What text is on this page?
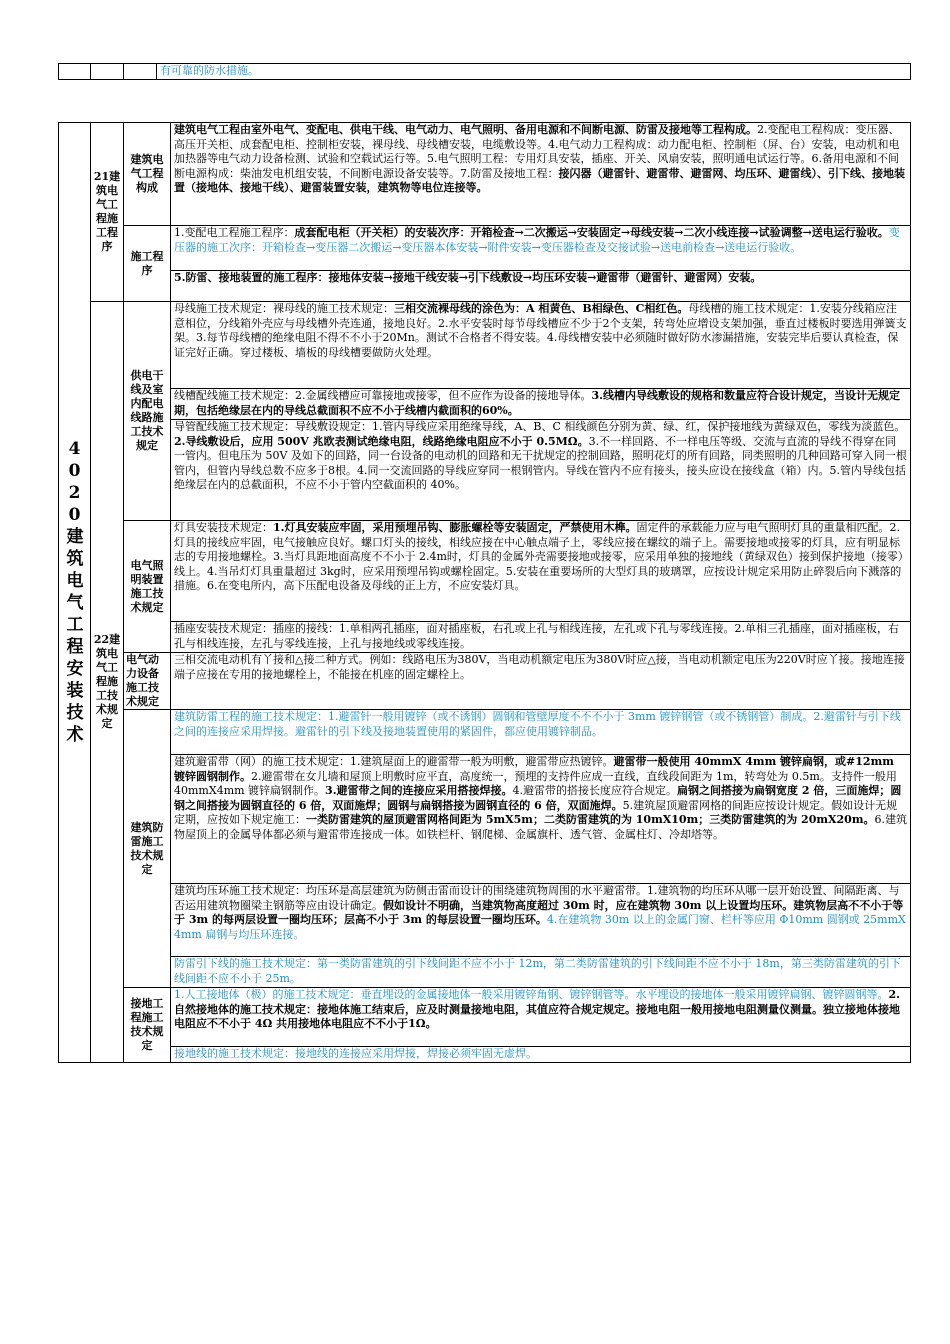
			有可靠的防水措施。
4020建筑电气工程安装技术	21建筑电气工程施工程序	建筑电气工程构成	建筑电气工程由室外电气、变配电、供电干线、电气动力、电气照明、备用电源和不间断电源、防雷及接地等工程构成。2.变配电工程构成：变压器、高压开关柜、成套配电柜、控制柜安装，裸母线、母线槽安装，电缆敷设等。4.电气动力工程构成：动力配电柜、控制柜（屏、台）安装，电动机和电加热器等电气动力设备检测、试验和空载试运行等。5.电气照明工程：专用灯具安装，插座、开关、风扇安装，照明通电试运行等。6.备用电源和不间断电源构成：柴油发电机组安装，不间断电源设备安装等。7.防雷及接地工程：接闪器（避雷针、避雷带、避雷网、均压环、避雷线）、引下线、接地装置（接地体、接地干线）、避雷装置安装，建筑物等电位连接等。

		施工程序	1.变配电工程施工程序：成套配电柜（开关柜）的安装次序：开箱检查→二次搬运→安装固定→母线安装→二次小线连接→试验调整→送电运行验收。变压器的施工次序：开箱检查→变压器二次搬运→变压器本体安装→附件安装→变压器检查及交接试验→送电前检查→送电运行验收。
			5.防雷、接地装置的施工程序：接地体安装→接地干线安装→引下线敷设→均压环安装→避雷带（避雷针、避雷网）安装。

	22建筑电气工程施工技术规定	供电干线及室内配电线路施工技术规定	母线施工技术规定：裸母线的施工技术规定：三相交流裸母线的涂色为：A 相黄色、B相绿色、C相红色。母线槽的施工技术规定：1.安装分线箱应注意相位，分线箱外壳应与母线槽外壳连通，接地良好。2.水平安装时每节母线槽应不少于2个支架，转弯处应增设支架加强，垂直过楼板时要选用弹簧支架。3.每节母线槽的绝缘电阻不得不不小于20Mn。测试不合格者不得安装。4.母线槽安装中必须随时做好防水渗漏措施，安装完毕后要认真检查，保证完好正确。穿过楼板、墙板的母线槽要做防火处理。
			线槽配线施工技术规定：2.金属线槽应可靠接地或接零，但不应作为设备的接地导体。3.线槽内导线敷设的规格和数量应符合设计规定，当设计无规定期，包括绝缘层在内的导线总截面积不应不小于线槽内截面积的60%。
			导管配线施工技术规定：导线敷设规定：1.管内导线应采用绝缘导线，A、B、C 相线颜色分别为黄、绿、红，保护接地线为黄绿双色，零线为淡蓝色。2.导线敷设后，应用 500V 兆欧表测试绝缘电阻，线路绝缘电阻应不小于 0.5MΩ。3.不一样回路、不一样电压等级、交流与直流的导线不得穿在同一管内。但电压为 50V 及如下的回路，同一台设备的电动机的回路和无干扰规定的控制回路，照明花灯的所有回路，同类照明的几种回路可穿入同一根管内，但管内导线总数不应多于8根。4.同一交流回路的导线应穿同一根钢管内。导线在管内不应有接头，接头应设在接线盒（箱）内。5.管内导线包括绝缘层在内的总截面积，不应不小于管内空截面积的 40%。

		电气照明装置施工技术规定	灯具安装技术规定：1.灯具安装应牢固，采用预埋吊钩、膨胀螺栓等安装固定，严禁使用木榫。固定件的承载能力应与电气照明灯具的重量相匹配。2.灯具的接线应牢固，电气接触应良好。螺口灯头的接线，相线应接在中心触点端子上，零线应接在螺纹的端子上。需要接地或接零的灯具，应有明显标志的专用接地螺栓。3.当灯具距地面高度不不小于 2.4m时，灯具的金属外壳需要接地或接零，应采用单独的接地线（黄绿双色）接到保护接地（接零）线上。4.当吊灯灯具重量超过 3kg时，应采用预埋吊钩或螺栓固定。5.安装在重要场所的大型灯具的玻璃罩，应按设计规定采用防止碎裂后向下溅落的措施。6.在变电所内，高下压配电设备及母线的正上方，不应安装灯具。
			插座安装技术规定：插座的接线：1.单相两孔插座，面对插座板，右孔或上孔与相线连接，左孔或下孔与零线连接。2.单相三孔插座，面对插座板，右孔与相线连接，左孔与零线连接，上孔与接地线或零线连接。

		电气动力设备施工技术规定	三相交流电动机有丫接和△接二种方式。例如：线路电压为380V，当电动机额定电压为380V时应△接，当电动机额定电压为220V时应丫接。接地连接端子应接在专用的接地螺栓上，不能接在机座的固定螺栓上。

		建筑防雷施工技术规定	建筑防雷工程的施工技术规定：1.避雷针一般用镀锌（或不诱钢）圆钢和管壁厚度不不不小于 3mm 镀锌钢管（或不锈钢管）制成。2.避雷针与引下线之间的连接应采用焊接。避雷针的引下线及接地装置使用的紧固件，都应使用镀锌制品。
			建筑避雷带（网）的施工技术规定：1.建筑屋面上的避雷带一般为明敷，避雷带应热镀锌。避雷带一般使用 40mmX 4mm 镀锌扁钢，或#12mm 镀锌圆钢制作。2.避雷带在女儿墙和屋顶上明敷时应平直，高度统一，预埋的支持件应成一直线，直线段间距为 1m，转弯处为 0.5m。支持件一般用 40mmX4mm 镀锌扁钢制作。3.避雷带之间的连接应采用搭接焊接。4.避雷带的搭接长度应符合规定。扁钢之间搭接为扁钢宽度 2 倍，三面施焊；圆钢之间搭接为圆钢直径的 6 倍，双面施焊；圆钢与扁钢搭接为圆钢直径的 6 倍，双面施焊。5.建筑屋顶避雷网格的间距应按设计规定。假如设计无规定期，应按如下规定施工：一类防雷建筑的屋顶避雷网格间距为 5mX5m；二类防雷建筑的为 10mX10m；三类防雷建筑的为 20mX20m。6.建筑物屋顶上的金属导体都必须与避雷带连接成一体。如铁栏杆、钢爬梯、金属旗杆、透气管、金属柱灯、冷却塔等。
			建筑均压环施工技术规定：均压环是高层建筑为防侧击雷而设计的围绕建筑物周围的水平避雷带。1.建筑物的均压环从哪一层开始设置、间隔距离、与否运用建筑物圈梁主钢筋等应由设计确定。假如设计不明确，当建筑物高度超过 30m 时，应在建筑物 30m 以上设置均压环。建筑物层高不不小于等于 3m 的每两层设置一圈均压环；层高不小于 3m 的每层设置一圈均压环。4.在建筑物 30m 以上的金属门窗、栏杆等应用 Φ10mm 圆钢或 25mmX4mm 扁钢与均压环连接。
			防雷引下线的施工技术规定：第一类防雷建筑的引下线间距不应不小于 12m，第二类防雷建筑的引下线间距不应不小于 18m，第三类防雷建筑的引下线间距不应不小于 25m。

		接地工程施工技术规定	1.人工接地体（极）的施工技术规定：垂直埋设的金属接地体一般采用镀锌角钢、镀锌钢管等。水平埋设的接地体一般采用镀锌扁钢、镀锌圆钢等。2.自然接地体的施工技术规定：接地体施工结束后，应及时测量接地电阻，其值应符合规定规定。接地电阻一般用接地电阻测量仪测量。独立接地体接地电阻应不不小于 4Ω 共用接地体电阻应不不小于1Ω。
			接地线的施工技术规定：接地线的连接应采用焊接，焊接必须牢固无虚焊。
